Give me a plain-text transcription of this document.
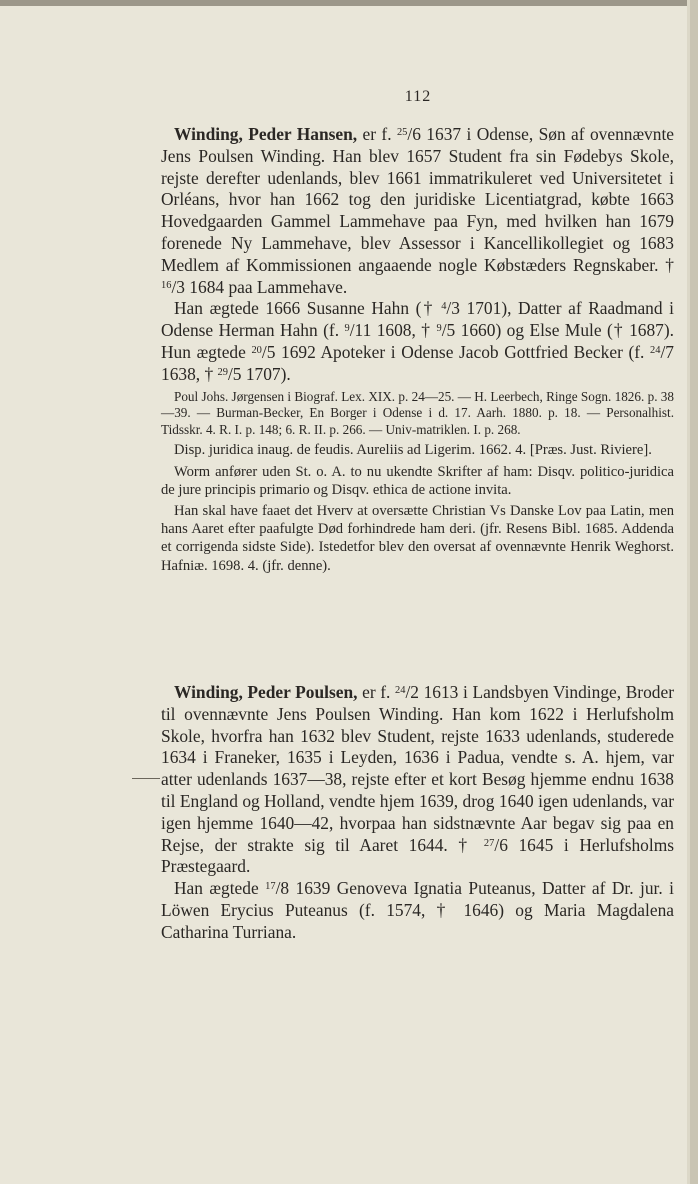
112

Winding, Peder Hansen, er f. $^{25}$/6 1637 i Odense, Søn af ovennævnte Jens Poulsen Winding. Han blev 1657 Student fra sin Fødebys Skole, rejste derefter udenlands, blev 1661 immatrikuleret ved Universitetet i Orléans, hvor han 1662 tog den juridiske Licentiatgrad, købte 1663 Hovedgaarden Gammel Lammehave paa Fyn, med hvilken han 1679 forenede Ny Lammehave, blev Assessor i Kancellikollegiet og 1683 Medlem af Kommissionen angaaende nogle Købstæders Regnskaber. † $^{16}$/3 1684 paa Lammehave.

Han ægtede 1666 Susanne Hahn († $^4$/3 1701), Datter af Raadmand i Odense Herman Hahn (f. $^9$/11 1608, † $^9$/5 1660) og Else Mule († 1687). Hun ægtede $^{20}$/5 1692 Apoteker i Odense Jacob Gottfried Becker (f. $^{24}$/7 1638, † $^{29}$/5 1707).

Poul Johs. Jørgensen i Biograf. Lex. XIX. p. 24—25. — H. Leerbech, Ringe Sogn. 1826. p. 38—39. — Burman-Becker, En Borger i Odense i d. 17. Aarh. 1880. p. 18. — Personalhist. Tidsskr. 4. R. I. p. 148; 6. R. II. p. 266. — Univ-matriklen. I. p. 268.

Disp. juridica inaug. de feudis. Aureliis ad Ligerim. 1662. 4. [Præs. Just. Riviere].

Worm anfører uden St. o. A. to nu ukendte Skrifter af ham: Disqv. politico-juridica de jure principis primario og Disqv. ethica de actione invita.

Han skal have faaet det Hverv at oversætte Christian Vs Danske Lov paa Latin, men hans Aaret efter paafulgte Død forhindrede ham deri. (jfr. Resens Bibl. 1685. Addenda et corrigenda sidste Side). Istedetfor blev den oversat af ovennævnte Henrik Weghorst. Hafniæ. 1698. 4. (jfr. denne).

Winding, Peder Poulsen, er f. $^{24}$/2 1613 i Landsbyen Vindinge, Broder til ovennævnte Jens Poulsen Winding. Han kom 1622 i Herlufsholm Skole, hvorfra han 1632 blev Student, rejste 1633 udenlands, studerede 1634 i Franeker, 1635 i Leyden, 1636 i Padua, vendte s. A. hjem, var atter udenlands 1637—38, rejste efter et kort Besøg hjemme endnu 1638 til England og Holland, vendte hjem 1639, drog 1640 igen udenlands, var igen hjemme 1640—42, hvorpaa han sidstnævnte Aar begav sig paa en Rejse, der strakte sig til Aaret 1644. † $^{27}$/6 1645 i Herlufsholms Præstegaard.

Han ægtede $^{17}$/8 1639 Genoveva Ignatia Puteanus, Datter af Dr. jur. i Löwen Erycius Puteanus (f. 1574, † 1646) og Maria Magdalena Catharina Turriana.
